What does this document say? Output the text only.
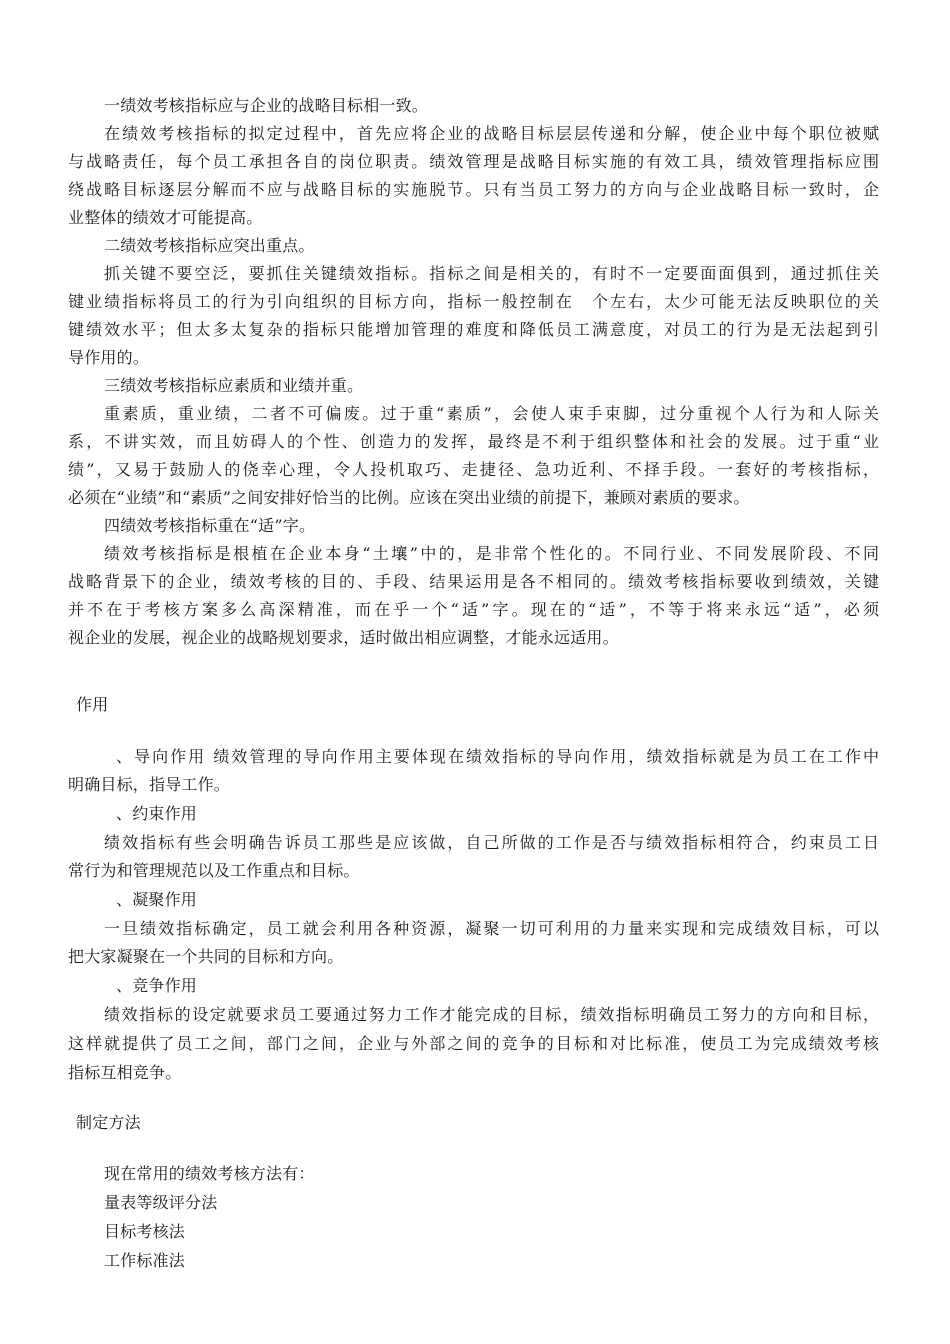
一绩效考核指标应与企业的战略目标相一致。
在绩效考核指标的拟定过程中，首先应将企业的战略目标层层传递和分解，使企业中每个职位被赋
与战略责任，每个员工承担各自的岗位职责。绩效管理是战略目标实施的有效工具，绩效管理指标应围
绕战略目标逐层分解而不应与战略目标的实施脱节。只有当员工努力的方向与企业战略目标一致时，企
业整体的绩效才可能提高。
二绩效考核指标应突出重点。
抓关键不要空泛，要抓住关键绩效指标。指标之间是相关的，有时不一定要面面俱到，通过抓住关
键业绩指标将员工的行为引向组织的目标方向，指标一般控制在　个左右，太少可能无法反映职位的关
键绩效水平；但太多太复杂的指标只能增加管理的难度和降低员工满意度，对员工的行为是无法起到引
导作用的。
三绩效考核指标应素质和业绩并重。
重素质，重业绩，二者不可偏废。过于重“素质”，会使人束手束脚，过分重视个人行为和人际关
系，不讲实效，而且妨碍人的个性、创造力的发挥，最终是不利于组织整体和社会的发展。过于重“业
绩”，又易于鼓励人的侥幸心理，令人投机取巧、走捷径、急功近利、不择手段。一套好的考核指标，
必须在“业绩”和“素质”之间安排好恰当的比例。应该在突出业绩的前提下，兼顾对素质的要求。
四绩效考核指标重在“适”字。
绩效考核指标是根植在企业本身“土壤”中的，是非常个性化的。不同行业、不同发展阶段、不同
战略背景下的企业，绩效考核的目的、手段、结果运用是各不相同的。绩效考核指标要收到绩效，关键
并不在于考核方案多么高深精准，而在乎一个“适”字。现在的“适”，不等于将来永远“适”，必须
视企业的发展，视企业的战略规划要求，适时做出相应调整，才能永远适用。
作用
、导向作用 绩效管理的导向作用主要体现在绩效指标的导向作用，绩效指标就是为员工在工作中
明确目标，指导工作。
、约束作用
绩效指标有些会明确告诉员工那些是应该做，自己所做的工作是否与绩效指标相符合，约束员工日
常行为和管理规范以及工作重点和目标。
、凝聚作用
一旦绩效指标确定，员工就会利用各种资源，凝聚一切可利用的力量来实现和完成绩效目标，可以
把大家凝聚在一个共同的目标和方向。
、竞争作用
绩效指标的设定就要求员工要通过努力工作才能完成的目标，绩效指标明确员工努力的方向和目标，
这样就提供了员工之间，部门之间，企业与外部之间的竞争的目标和对比标准，使员工为完成绩效考核
指标互相竞争。
制定方法
现在常用的绩效考核方法有：
量表等级评分法
目标考核法
工作标准法
